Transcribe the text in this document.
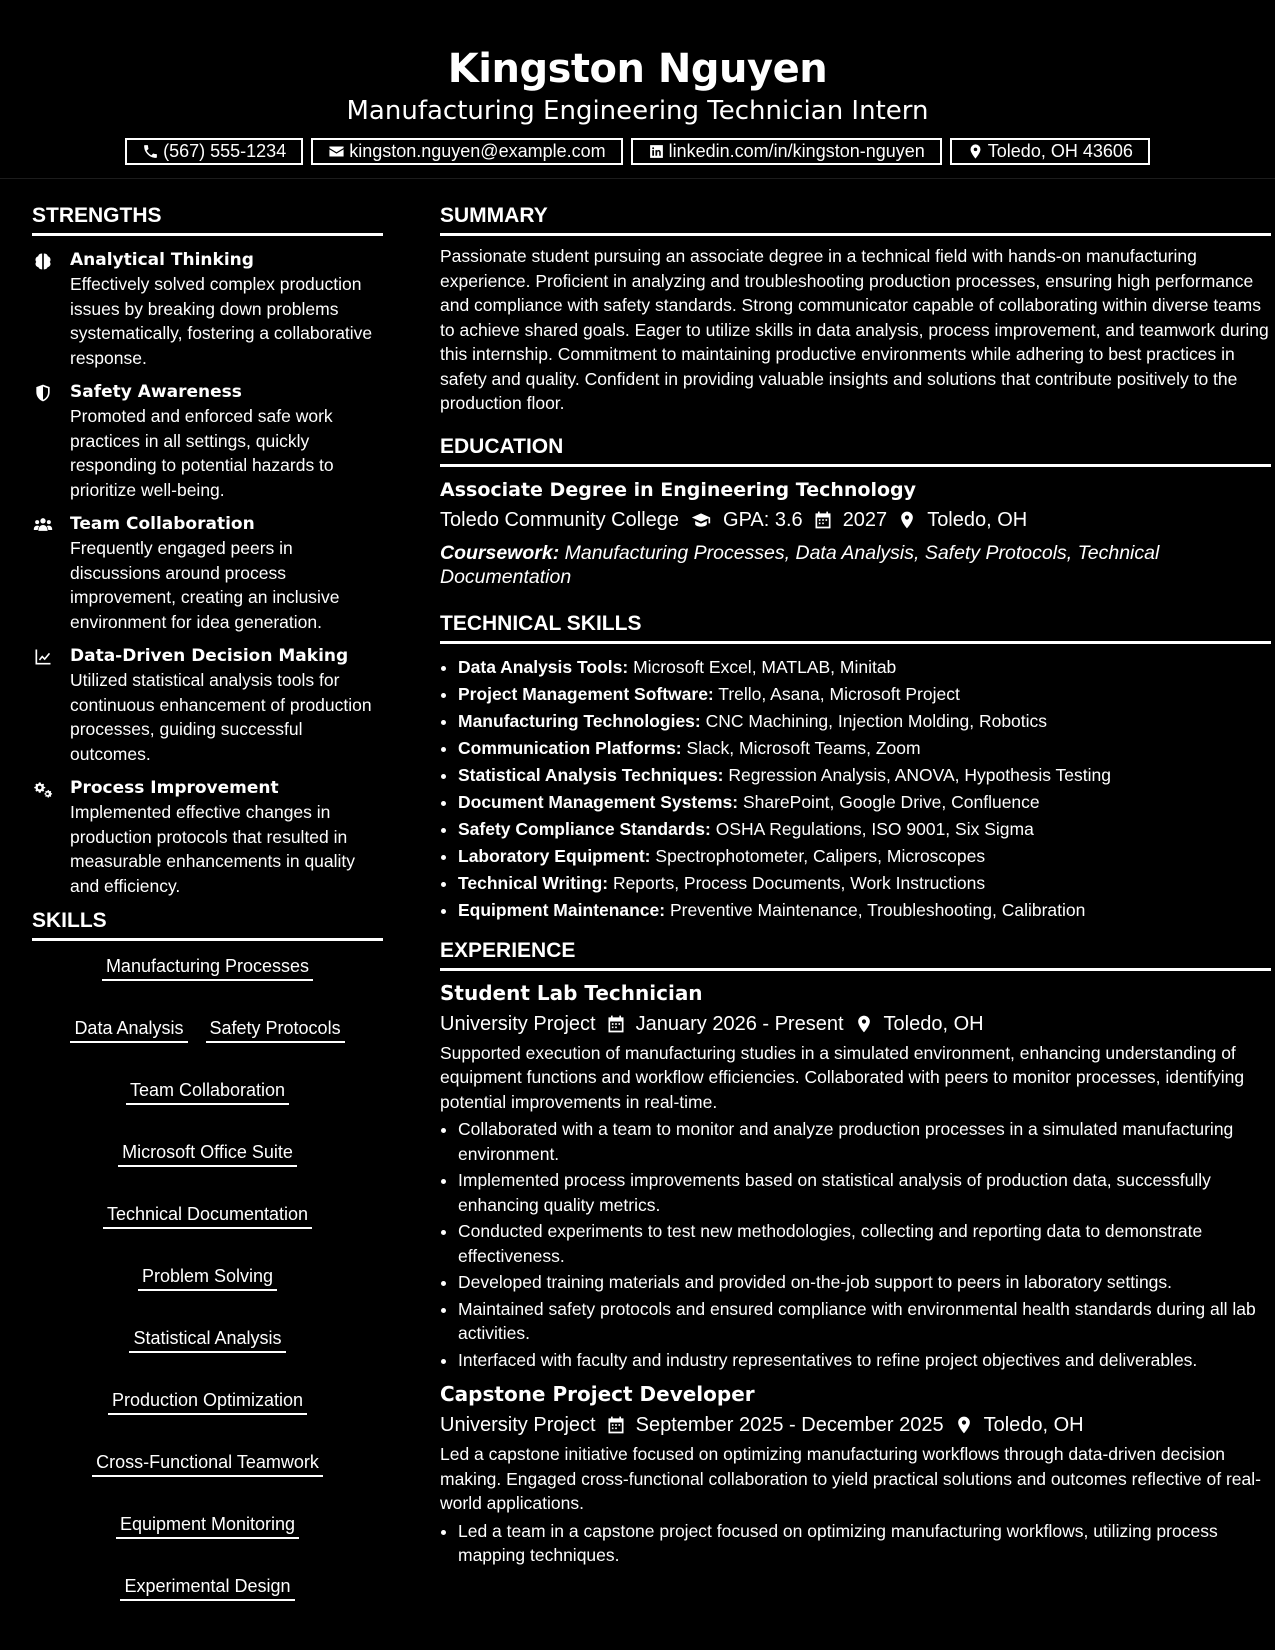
Kingston Nguyen
Manufacturing Engineering Technician Intern
(567) 555-1234	kingston.nguyen@example.com	linkedin.com/in/kingston-nguyen	Toledo, OH 43606
STRENGTHS
Analytical Thinking
Effectively solved complex production issues by breaking down problems systematically, fostering a collaborative response.
Safety Awareness
Promoted and enforced safe work practices in all settings, quickly responding to potential hazards to prioritize well-being.
Team Collaboration
Frequently engaged peers in discussions around process improvement, creating an inclusive environment for idea generation.
Data-Driven Decision Making
Utilized statistical analysis tools for continuous enhancement of production processes, guiding successful outcomes.
Process Improvement
Implemented effective changes in production protocols that resulted in measurable enhancements in quality and efficiency.
SKILLS
Manufacturing Processes
Data Analysis Safety Protocols
Team Collaboration
Microsoft Office Suite
Technical Documentation
Problem Solving
Statistical Analysis
Production Optimization
Cross-Functional Teamwork
Equipment Monitoring
Experimental Design
SUMMARY
Passionate student pursuing an associate degree in a technical field with hands-on manufacturing experience. Proficient in analyzing and troubleshooting production processes, ensuring high performance and compliance with safety standards. Strong communicator capable of collaborating within diverse teams to achieve shared goals. Eager to utilize skills in data analysis, process improvement, and teamwork during this internship. Commitment to maintaining productive environments while adhering to best practices in safety and quality. Confident in providing valuable insights and solutions that contribute positively to the production floor.
EDUCATION
Associate Degree in Engineering Technology
Toledo Community College GPA: 3.6 2027 Toledo, OH
Coursework: Manufacturing Processes, Data Analysis, Safety Protocols, Technical Documentation
TECHNICAL SKILLS
• Data Analysis Tools: Microsoft Excel, MATLAB, Minitab
• Project Management Software: Trello, Asana, Microsoft Project
• Manufacturing Technologies: CNC Machining, Injection Molding, Robotics
• Communication Platforms: Slack, Microsoft Teams, Zoom
• Statistical Analysis Techniques: Regression Analysis, ANOVA, Hypothesis Testing
• Document Management Systems: SharePoint, Google Drive, Confluence
• Safety Compliance Standards: OSHA Regulations, ISO 9001, Six Sigma
• Laboratory Equipment: Spectrophotometer, Calipers, Microscopes
• Technical Writing: Reports, Process Documents, Work Instructions
• Equipment Maintenance: Preventive Maintenance, Troubleshooting, Calibration
EXPERIENCE
Student Lab Technician
University Project January 2026 - Present Toledo, OH
Supported execution of manufacturing studies in a simulated environment, enhancing understanding of equipment functions and workflow efficiencies. Collaborated with peers to monitor processes, identifying potential improvements in real-time.
• Collaborated with a team to monitor and analyze production processes in a simulated manufacturing environment.
• Implemented process improvements based on statistical analysis of production data, successfully enhancing quality metrics.
• Conducted experiments to test new methodologies, collecting and reporting data to demonstrate effectiveness.
• Developed training materials and provided on-the-job support to peers in laboratory settings.
• Maintained safety protocols and ensured compliance with environmental health standards during all lab activities.
• Interfaced with faculty and industry representatives to refine project objectives and deliverables.
Capstone Project Developer
University Project September 2025 - December 2025 Toledo, OH
Led a capstone initiative focused on optimizing manufacturing workflows through data-driven decision making. Engaged cross-functional collaboration to yield practical solutions and outcomes reflective of real-world applications.
• Led a team in a capstone project focused on optimizing manufacturing workflows, utilizing process mapping techniques.
